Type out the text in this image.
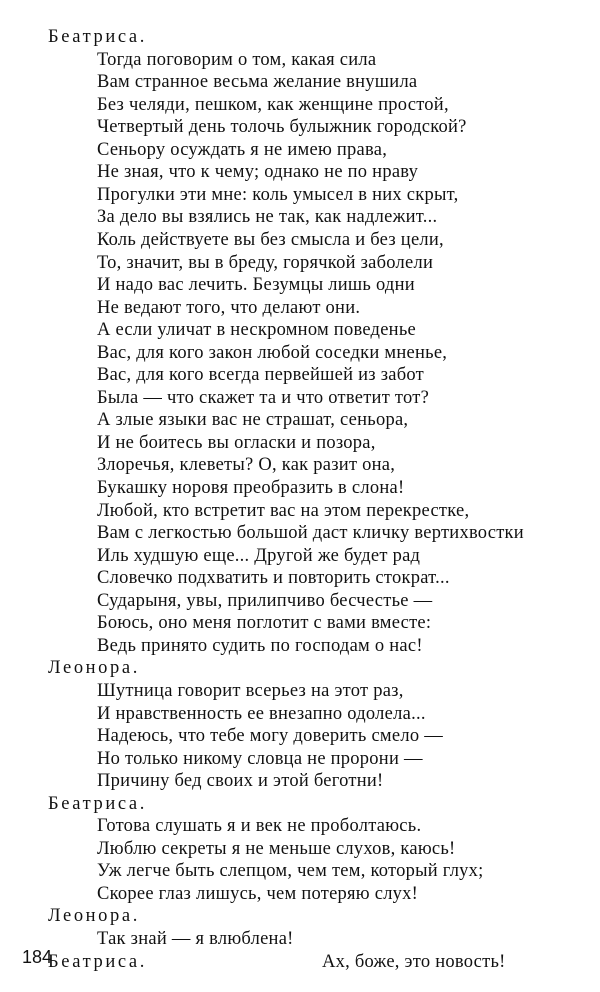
Беатриса.
Тогда поговорим о том, какая сила
Вам странное весьма желание внушила
Без челяди, пешком, как женщине простой,
Четвертый день толочь булыжник городской?
Сеньору осуждать я не имею права,
Не зная, что к чему; однако не по нраву
Прогулки эти мне: коль умысел в них скрыт,
За дело вы взялись не так, как надлежит...
Коль действуете вы без смысла и без цели,
То, значит, вы в бреду, горячкой заболели
И надо вас лечить. Безумцы лишь одни
Не ведают того, что делают они.
А если уличат в нескромном поведенье
Вас, для кого закон любой соседки мненье,
Вас, для кого всегда первейшей из забот
Была — что скажет та и что ответит тот?
А злые языки вас не страшат, сеньора,
И не боитесь вы огласки и позора,
Злоречья, клеветы? О, как разит она,
Букашку норовя преобразить в слона!
Любой, кто встретит вас на этом перекрестке,
Вам с легкостью большой даст кличку вертихвостки
Иль худшую еще... Другой же будет рад
Словечко подхватить и повторить стократ...
Сударыня, увы, прилипчиво бесчестье —
Боюсь, оно меня поглотит с вами вместе:
Ведь принято судить по господам о нас!
Леонора.
Шутница говорит всерьез на этот раз,
И нравственность ее внезапно одолела...
Надеюсь, что тебе могу доверить смело —
Но только никому словца не пророни —
Причину бед своих и этой беготни!
Беатриса.
Готова слушать я и век не проболтаюсь.
Люблю секреты я не меньше слухов, каюсь!
Уж легче быть слепцом, чем тем, который глух;
Скорее глаз лишусь, чем потеряю слух!
Леонора.
Так знай — я влюблена!
Беатриса.	Ах, боже, это новость!
184
